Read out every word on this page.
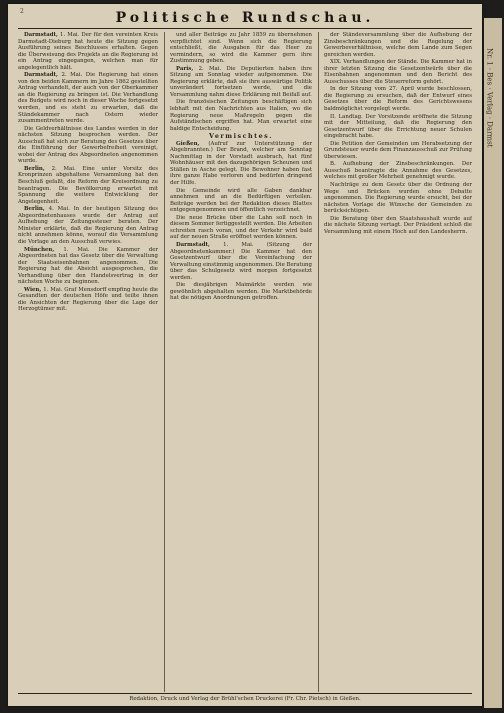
2	Politische Rundschau.

Darmstadt, 1. Mai. Der für den vereinten Kreis Darmstadt-Dieburg hat heute die Sitzung gegen Ausführung seines Beschlusses erhalten. Gegen die Überweisung des Projekts an die Regierung ist ein Antrag eingegangen, welchen man für angelegentlich hält.

Darmstadt, 2. Mai. Die Regierung hat einen von den beiden Kammern im Jahre 1862 gestellten Antrag verhandelt, der auch von der Oberkammer an die Regierung zu bringen ist. Die Verhandlung des Budgets wird noch in dieser Woche fortgesetzt werden, und es steht zu erwarten, daß die Ständekammer nach Ostern wieder zusammentreten werde.

Die Geldverhältnisse des Landes werden in der nächsten Sitzung besprochen werden. Der Ausschuß hat sich zur Beratung des Gesetzes über die Einführung der Gewerbefreiheit vereinigt, wobei der Antrag des Abgeordneten angenommen wurde.

Berlin, 2. Mai. Eine unter Vorsitz des Kronprinzen abgehaltene Versammlung hat den Beschluß gefaßt, die Reform der Kreisordnung zu beantragen. Die Bevölkerung erwartet mit Spannung die weitere Entwicklung der Angelegenheit.

Berlin, 4. Mai. In der heutigen Sitzung des Abgeordnetenhauses wurde der Antrag auf Aufhebung der Zeitungssteuer beraten. Der Minister erklärte, daß die Regierung den Antrag nicht annehmen könne, worauf die Versammlung die Vorlage an den Ausschuß verwies.

München, 1. Mai. Die Kammer der Abgeordneten hat das Gesetz über die Verwaltung der Staatseisenbahnen angenommen. Die Regierung hat die Absicht ausgesprochen, die Verhandlung über den Handelsvertrag in der nächsten Woche zu beginnen.

Wien, 1. Mai. Graf Mensdorff empfing heute die Gesandten der deutschen Höfe und teilte ihnen die Ansichten der Regierung über die Lage der Herzogtümer mit.

und aller Beiträge zu Jahr 1859 zu übernehmen verpflichtet sind. Wenn sich die Regierung entschließt, die Ausgaben für das Heer zu vermindern, so wird die Kammer gern ihre Zustimmung geben.

Paris, 2. Mai. Die Deputierten haben ihre Sitzung am Sonntag wieder aufgenommen. Die Regierung erklärte, daß sie ihre auswärtige Politik unverändert fortsetzen werde, und die Versammlung nahm diese Erklärung mit Beifall auf.

Die französischen Zeitungen beschäftigen sich lebhaft mit den Nachrichten aus Italien, wo die Regierung neue Maßregeln gegen die Aufständischen ergriffen hat. Man erwartet eine baldige Entscheidung.

Vermischtes.

Gießen, (Aufruf zur Unterstützung der Abgebrannten.) Der Brand, welcher am Sonntag Nachmittag in der Vorstadt ausbrach, hat fünf Wohnhäuser mit den dazugehörigen Scheunen und Ställen in Asche gelegt. Die Bewohner haben fast ihre ganze Habe verloren und bedürfen dringend der Hilfe.

Die Gemeinde wird alle Gaben dankbar annehmen und an die Bedürftigen verteilen. Beiträge werden bei der Redaktion dieses Blattes entgegengenommen und öffentlich verzeichnet.

Die neue Brücke über die Lahn soll noch in diesem Sommer fertiggestellt werden. Die Arbeiten schreiten rasch voran, und der Verkehr wird bald auf der neuen Straße eröffnet werden können.

Darmstadt, 1. Mai. (Sitzung der Abgeordnetenkammer.) Die Kammer hat den Gesetzentwurf über die Vereinfachung der Verwaltung einstimmig angenommen. Die Beratung über das Schulgesetz wird morgen fortgesetzt werden.

Die diesjährigen Maimärkte werden wie gewöhnlich abgehalten werden. Die Marktbehörde hat die nötigen Anordnungen getroffen.

der Ständeversammlung über die Aufhebung der Zinsbeschränkungen und die Regelung der Gewerbeverhältnisse, welche dem Lande zum Segen gereichen werden.

XIX. Verhandlungen der Stände. Die Kammer hat in ihrer letzten Sitzung die Gesetzentwürfe über die Eisenbahnen angenommen und den Bericht des Ausschusses über die Steuerreform gehört.

In der Sitzung vom 27. April wurde beschlossen, die Regierung zu ersuchen, daß der Entwurf eines Gesetzes über die Reform des Gerichtswesens baldmöglichst vorgelegt werde.

II. Landtag. Der Vorsitzende eröffnete die Sitzung mit der Mitteilung, daß die Regierung den Gesetzentwurf über die Errichtung neuer Schulen eingebracht habe.

Die Petition der Gemeinden um Herabsetzung der Grundsteuer wurde dem Finanzausschuß zur Prüfung überwiesen.

B. Aufhebung der Zinsbeschränkungen. Der Ausschuß beantragte die Annahme des Gesetzes, welches mit großer Mehrheit genehmigt wurde.

Nachträge zu dem Gesetz über die Ordnung der Wege und Brücken wurden ohne Debatte angenommen. Die Regierung wurde ersucht, bei der nächsten Vorlage die Wünsche der Gemeinden zu berücksichtigen.

Die Beratung über den Staatshaushalt wurde auf die nächste Sitzung vertagt. Der Präsident schloß die Versammlung mit einem Hoch auf den Landesherrn.

Redaktion, Druck und Verlag der Brühl'schen Druckerei (Fr. Chr. Pietsch) in Gießen.
Nr. 1 · Bes · Verlag · Darmst
